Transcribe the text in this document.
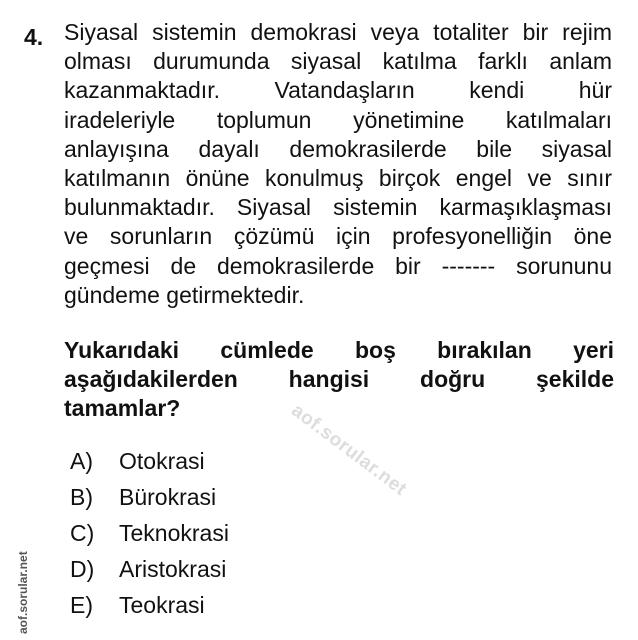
4. Siyasal sistemin demokrasi veya totaliter bir rejim
olması durumunda siyasal katılma farklı anlam
kazanmaktadır. Vatandaşların kendi hür
iradeleriyle toplumun yönetimine katılmaları
anlayışına dayalı demokrasilerde bile siyasal
katılmanın önüne konulmuş birçok engel ve sınır
bulunmaktadır. Siyasal sistemin karmaşıklaşması
ve sorunların çözümü için profesyonelliğin öne
geçmesi de demokrasilerde bir ------- sorununu
gündeme getirmektedir.
Yukarıdaki cümlede boş bırakılan yeri
aşağıdakilerden hangisi doğru şekilde
tamamlar?
A)	Otokrasi
B)	Bürokrasi
C)	Teknokrasi
D)	Aristokrasi
E)	Teokrasi
aof.sorular.net
aof.sorular.net
